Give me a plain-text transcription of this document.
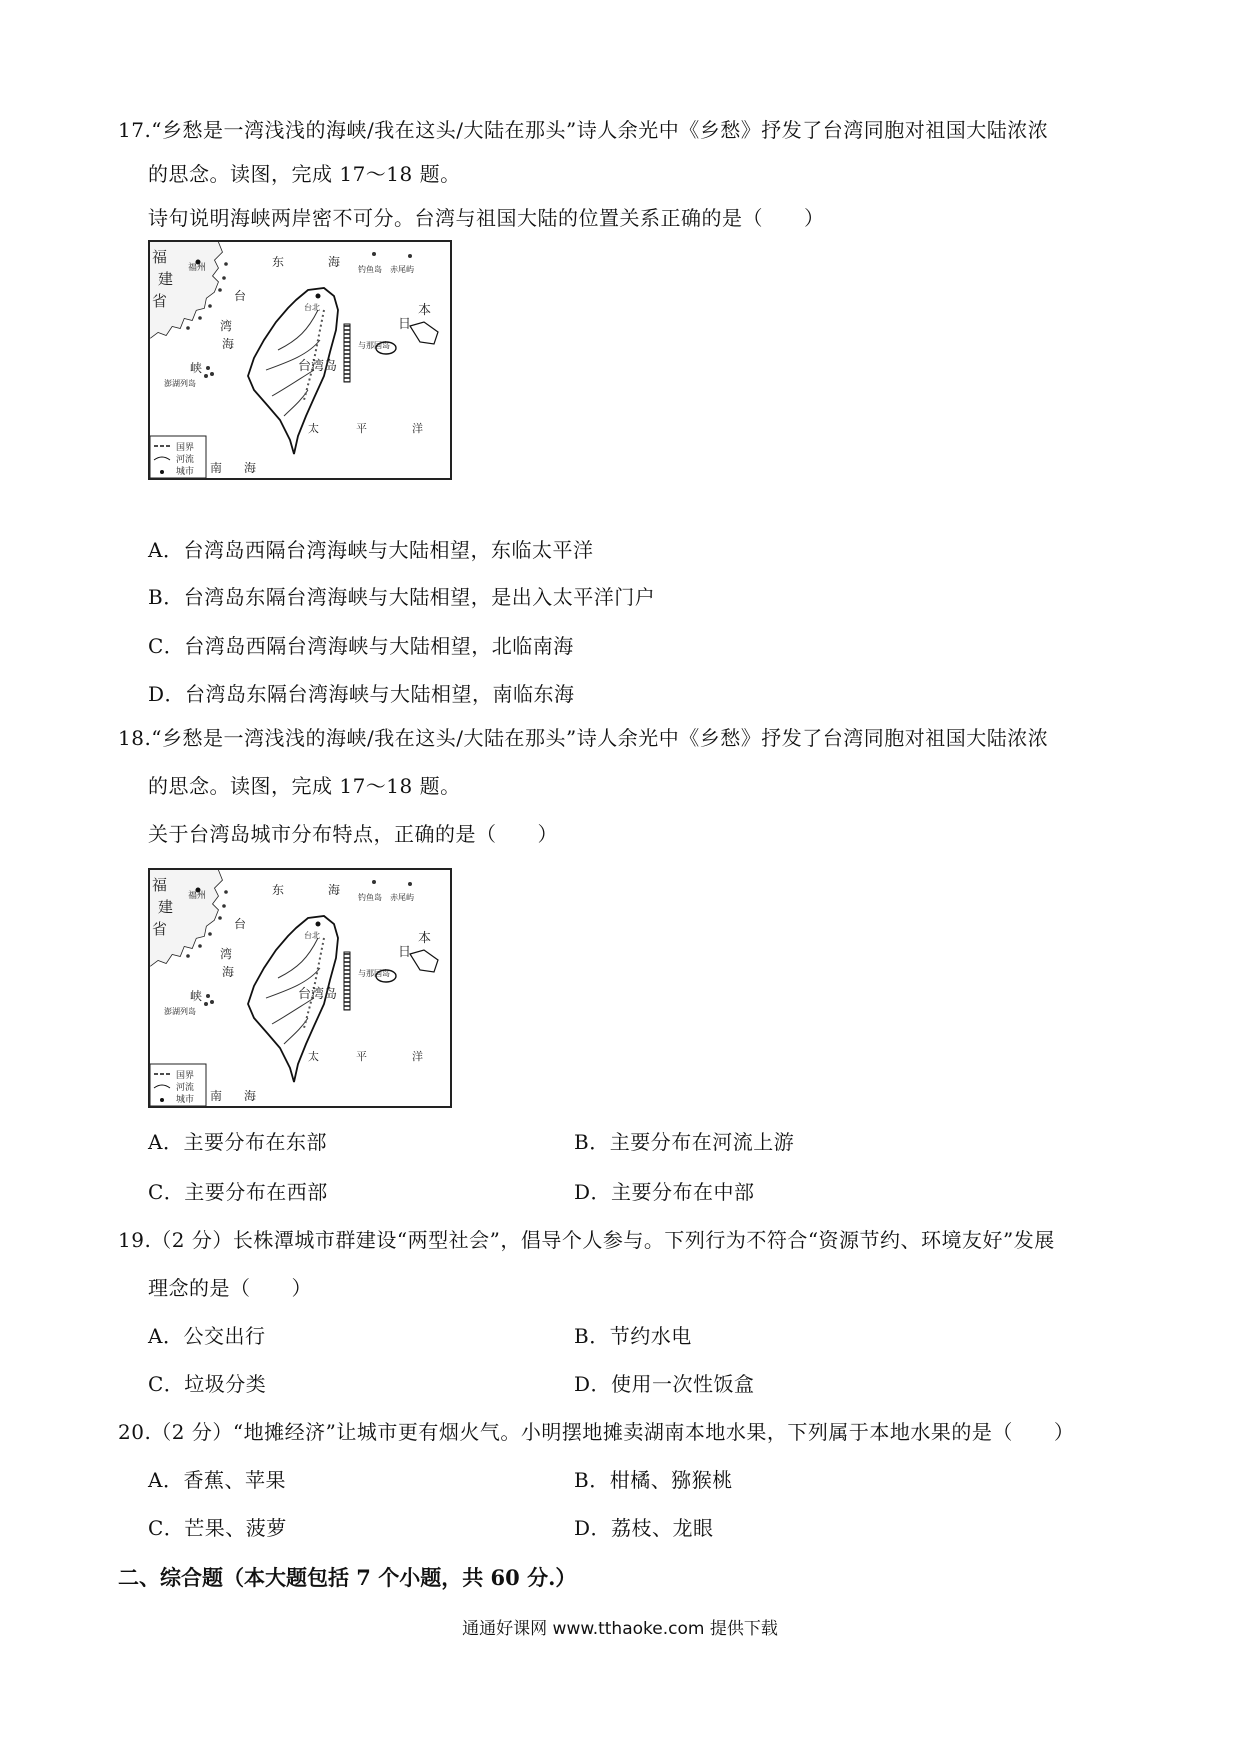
17.“乡愁是一湾浅浅的海峡/我在这头/大陆在那头”诗人余光中《乡愁》抒发了台湾同胞对祖国大陆浓浓
的思念。读图，完成 17～18 题。
诗句说明海峡两岸密不可分。台湾与祖国大陆的位置关系正确的是（　　）
福
建
省
福州	东	海
钓鱼岛 赤尾屿
台
湾
海
峡
台北
与那国岛
澎湖列岛
台湾岛
太	平	洋
日
本
南 海
国界
河流
城市
A．台湾岛西隔台湾海峡与大陆相望，东临太平洋
B．台湾岛东隔台湾海峡与大陆相望，是出入太平洋门户
C．台湾岛西隔台湾海峡与大陆相望，北临南海
D．台湾岛东隔台湾海峡与大陆相望，南临东海
18.“乡愁是一湾浅浅的海峡/我在这头/大陆在那头”诗人余光中《乡愁》抒发了台湾同胞对祖国大陆浓浓
的思念。读图，完成 17～18 题。
关于台湾岛城市分布特点，正确的是（　　）
福
建
省
福州	东	海
钓鱼岛 赤尾屿
台
湾
海
峡
台北
与那国岛
澎湖列岛
台湾岛
太	平	洋
日
本
南 海
国界
河流
城市
A．主要分布在东部	B．主要分布在河流上游
C．主要分布在西部	D．主要分布在中部
19.（2 分）长株潭城市群建设“两型社会”，倡导个人参与。下列行为不符合“资源节约、环境友好”发展
理念的是（　　）
A．公交出行	B．节约水电
C．垃圾分类	D．使用一次性饭盒
20.（2 分）“地摊经济”让城市更有烟火气。小明摆地摊卖湖南本地水果，下列属于本地水果的是（　　）
A．香蕉、苹果	B．柑橘、猕猴桃
C．芒果、菠萝	D．荔枝、龙眼
二、综合题（本大题包括 7 个小题，共 60 分.）
通通好课网 www.tthaoke.com 提供下载
